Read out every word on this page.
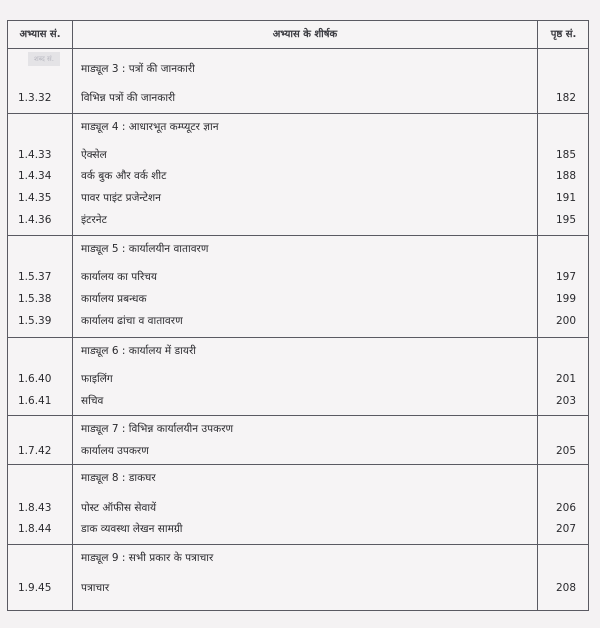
अभ्यास सं.	अभ्यास के शीर्षक	पृष्ठ सं.
शब्द सं.
माड्यूल 3 : पत्रों की जानकारी
1.3.32	विभिन्न पत्रों की जानकारी	182
माड्यूल 4 : आधारभूत कम्प्यूटर ज्ञान
1.4.33	ऐक्सेल	185
1.4.34	वर्क बुक और वर्क शीट	188
1.4.35	पावर पाइंट प्रजेन्टेशन	191
1.4.36	इंटरनेट	195
माड्यूल 5 : कार्यालयीन वातावरण
1.5.37	कार्यालय का परिचय	197
1.5.38	कार्यालय प्रबन्धक	199
1.5.39	कार्यालय ढांचा व वातावरण	200
माड्यूल 6 : कार्यालय में डायरी
1.6.40	फाइलिंग	201
1.6.41	सचिव	203
माड्यूल 7 : विभिन्न कार्यालयीन उपकरण
1.7.42	कार्यालय उपकरण	205
माड्यूल 8 : डाकघर
1.8.43	पोस्ट ऑफीस सेवायें	206
1.8.44	डाक व्यवस्था लेखन सामग्री	207
माड्यूल 9 : सभी प्रकार के पत्राचार
1.9.45	पत्राचार	208
